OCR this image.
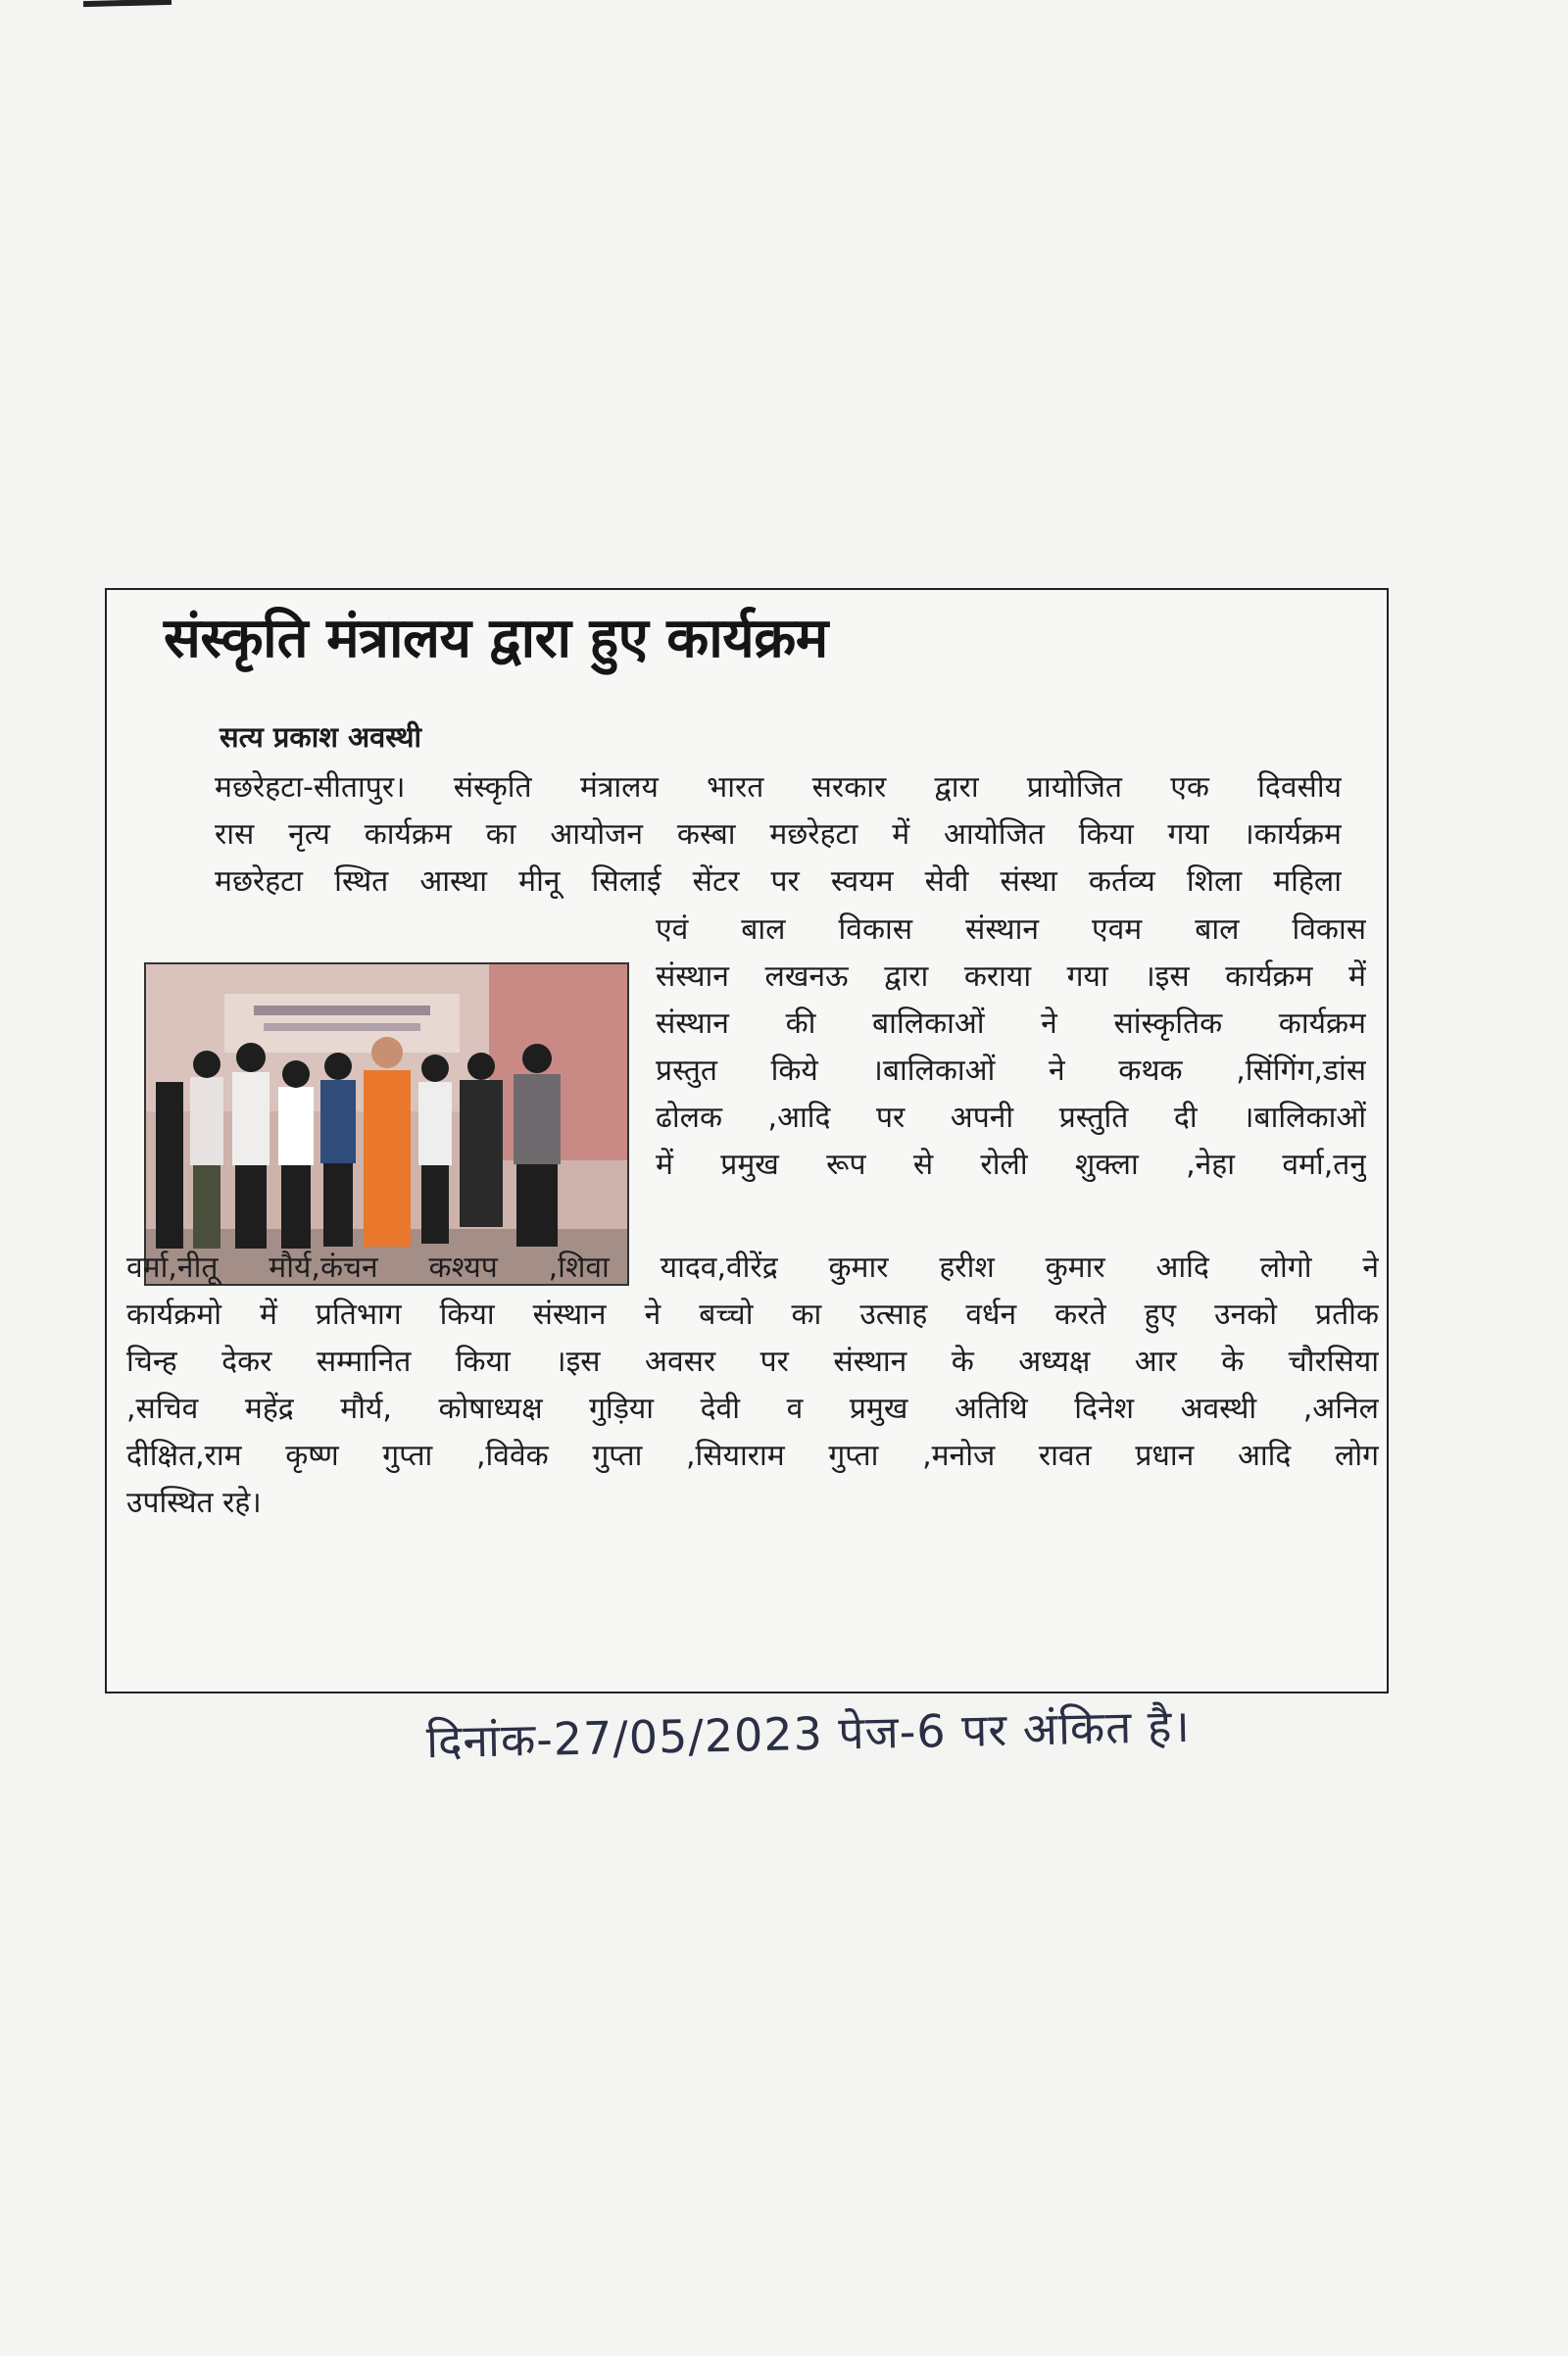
संस्कृति मंत्रालय द्वारा हुए कार्यक्रम
सत्य प्रकाश अवस्थी

मछरेहटा-सीतापुर। संस्कृति मंत्रालय भारत सरकार द्वारा प्रायोजित एक दिवसीय
रास नृत्य कार्यक्रम का आयोजन कस्बा मछरेहटा में आयोजित किया गया ।कार्यक्रम
मछरेहटा स्थित आस्था मीनू सिलाई सेंटर पर स्वयम सेवी संस्था कर्तव्य शिला महिला

एवं बाल विकास संस्थान एवम बाल विकास
संस्थान लखनऊ द्वारा कराया गया ।इस कार्यक्रम में
संस्थान की बालिकाओं ने सांस्कृतिक कार्यक्रम
प्रस्तुत किये ।बालिकाओं ने कथक ,सिंगिंग,डांस
ढोलक ,आदि पर अपनी प्रस्तुति दी ।बालिकाओं
में प्रमुख रूप से रोली शुक्ला ,नेहा वर्मा,तनु

वर्मा,नीतू मौर्य,कंचन कश्यप ,शिवा यादव,वीरेंद्र कुमार हरीश कुमार आदि लोगो ने
कार्यक्रमो में प्रतिभाग किया संस्थान ने बच्चो का उत्साह वर्धन करते हुए उनको प्रतीक
चिन्ह देकर सम्मानित किया ।इस अवसर पर संस्थान के अध्यक्ष आर के चौरसिया
,सचिव महेंद्र मौर्य, कोषाध्यक्ष गुड़िया देवी व प्रमुख अतिथि दिनेश अवस्थी ,अनिल
दीक्षित,राम कृष्ण गुप्ता ,विवेक गुप्ता ,सियाराम गुप्ता ,मनोज रावत प्रधान आदि लोग
उपस्थित रहे।

दिनांक-27/05/2023 पेज-6 पर अंकित है।
